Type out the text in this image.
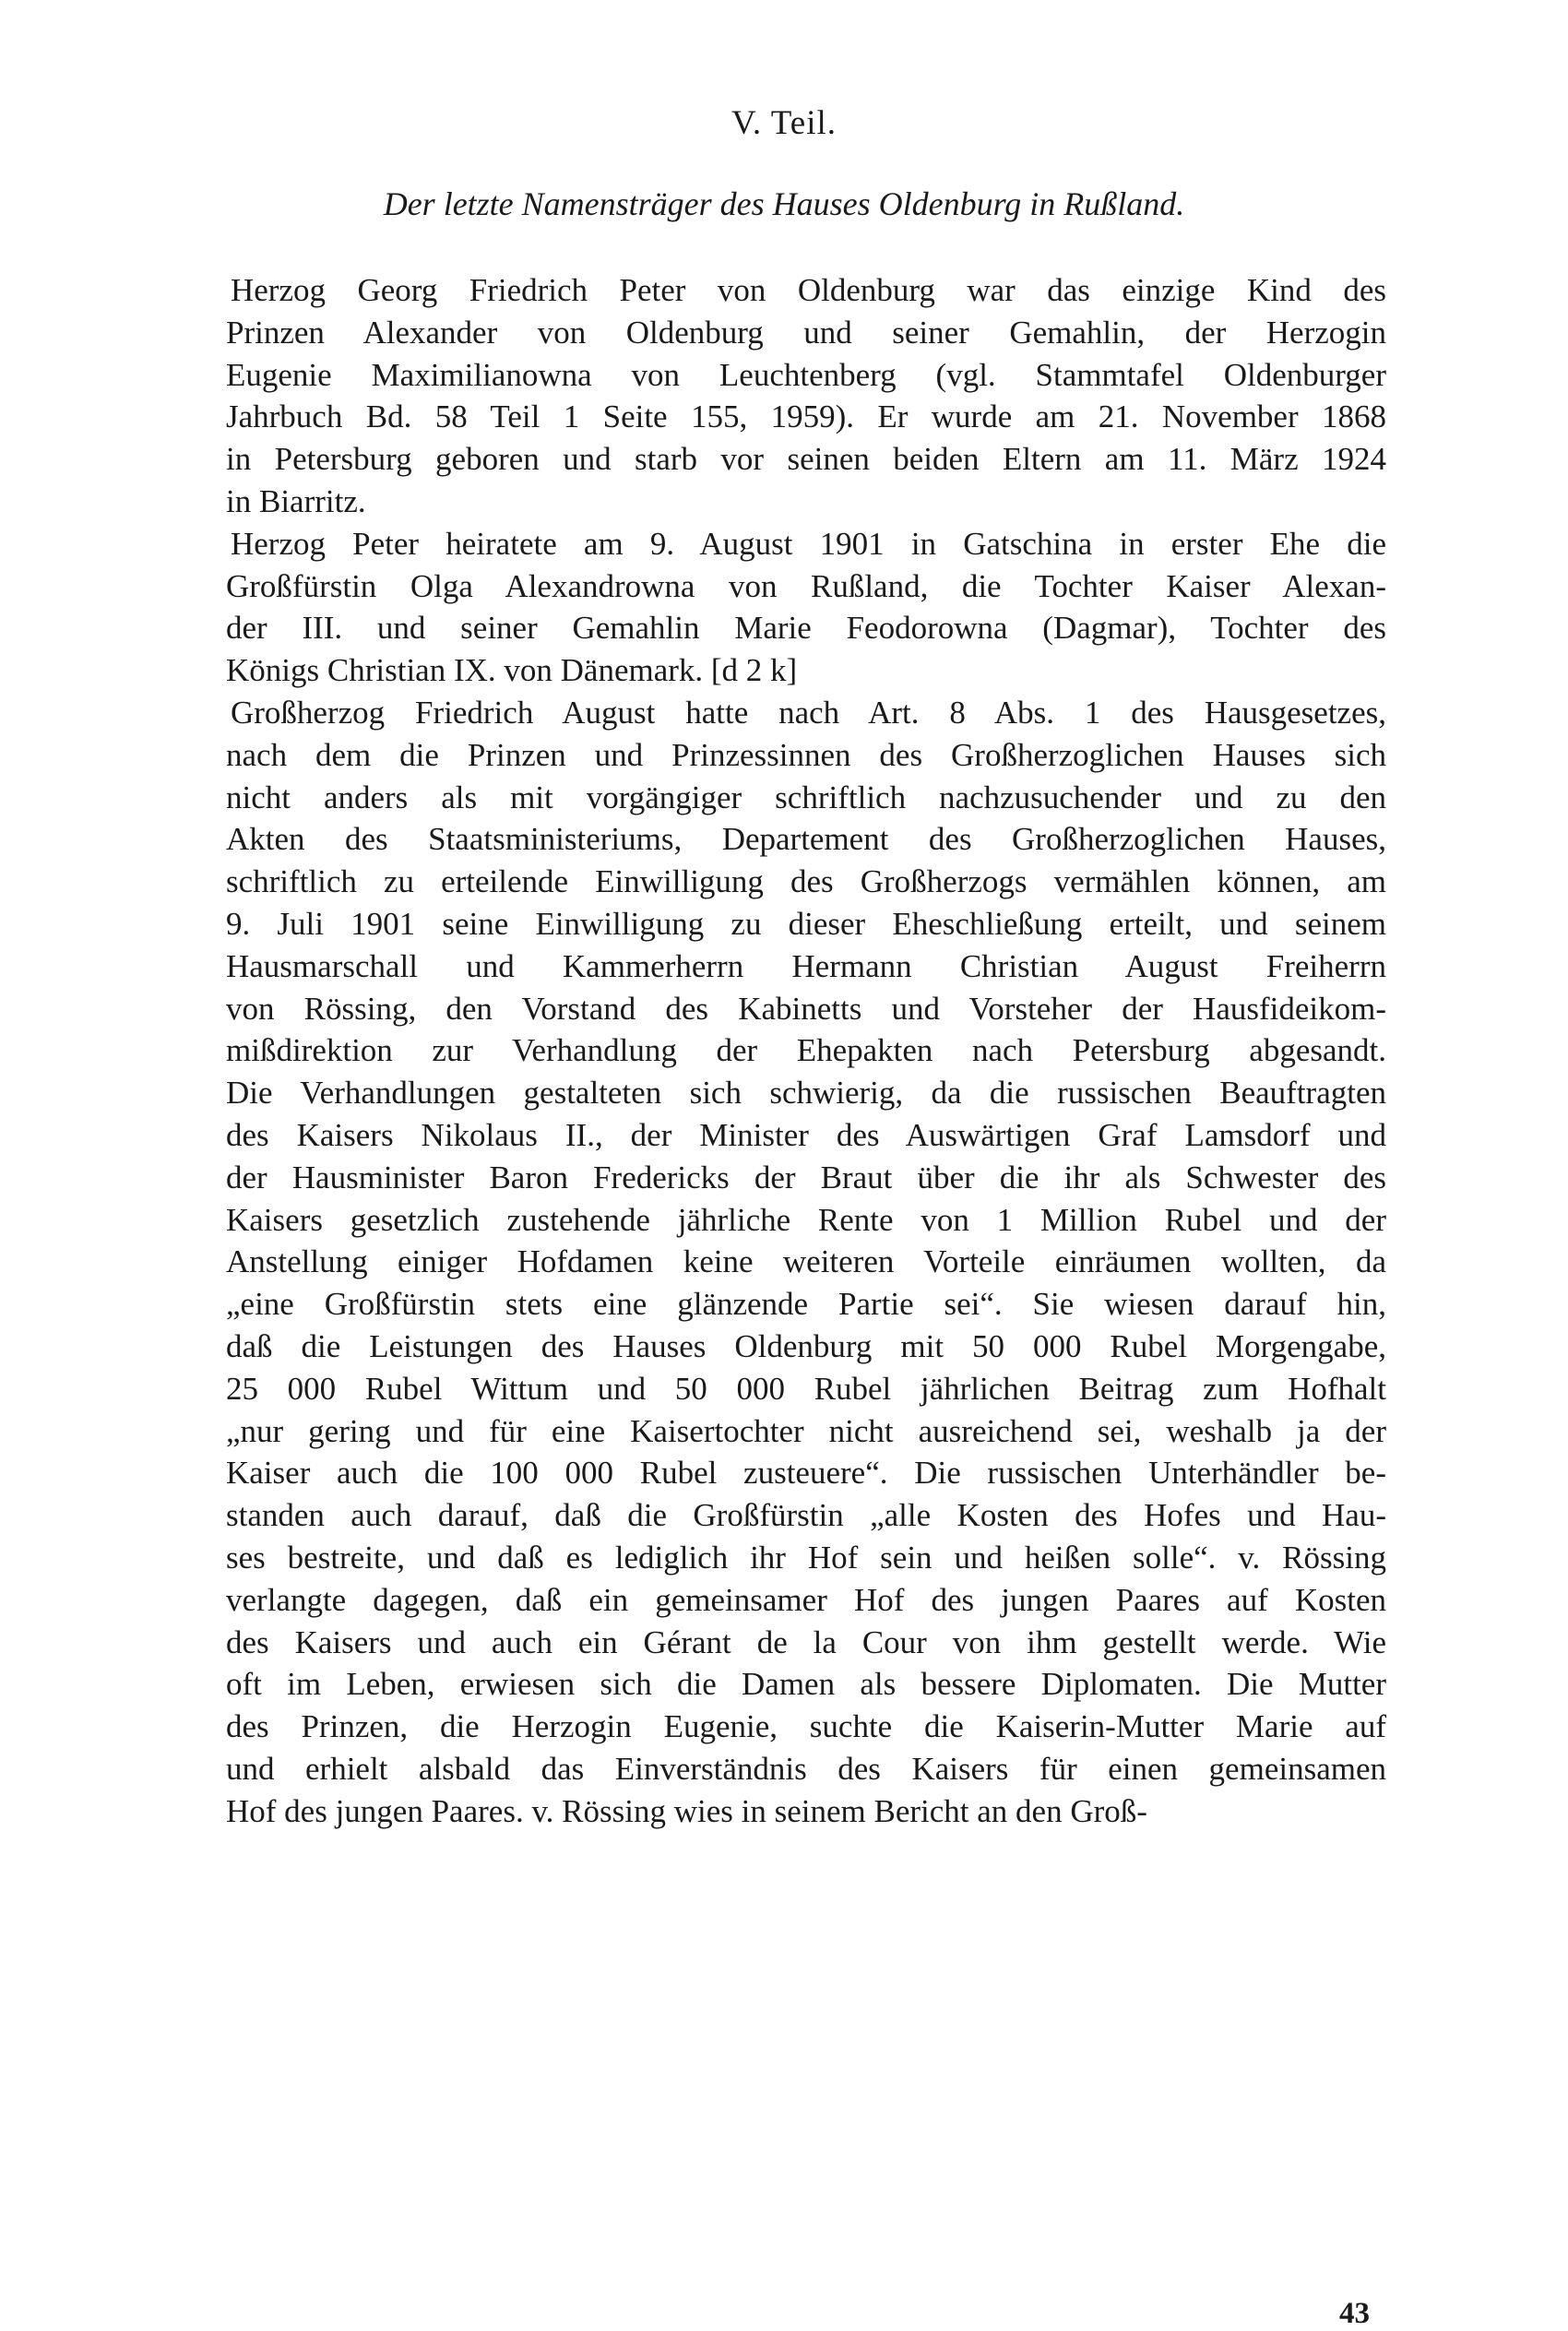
V. Teil.
Der letzte Namensträger des Hauses Oldenburg in Rußland.
Herzog Georg Friedrich Peter von Oldenburg war das einzige Kind des
Prinzen Alexander von Oldenburg und seiner Gemahlin, der Herzogin
Eugenie Maximilianowna von Leuchtenberg (vgl. Stammtafel Oldenburger
Jahrbuch Bd. 58 Teil 1 Seite 155, 1959). Er wurde am 21. November 1868
in Petersburg geboren und starb vor seinen beiden Eltern am 11. März 1924
in Biarritz.
Herzog Peter heiratete am 9. August 1901 in Gatschina in erster Ehe die
Großfürstin Olga Alexandrowna von Rußland, die Tochter Kaiser Alexan-
der III. und seiner Gemahlin Marie Feodorowna (Dagmar), Tochter des
Königs Christian IX. von Dänemark. [d 2 k]
Großherzog Friedrich August hatte nach Art. 8 Abs. 1 des Hausgesetzes,
nach dem die Prinzen und Prinzessinnen des Großherzoglichen Hauses sich
nicht anders als mit vorgängiger schriftlich nachzusuchender und zu den
Akten des Staatsministeriums, Departement des Großherzoglichen Hauses,
schriftlich zu erteilende Einwilligung des Großherzogs vermählen können, am
9. Juli 1901 seine Einwilligung zu dieser Eheschließung erteilt, und seinem
Hausmarschall und Kammerherrn Hermann Christian August Freiherrn
von Rössing, den Vorstand des Kabinetts und Vorsteher der Hausfideikom-
mißdirektion zur Verhandlung der Ehepakten nach Petersburg abgesandt.
Die Verhandlungen gestalteten sich schwierig, da die russischen Beauftragten
des Kaisers Nikolaus II., der Minister des Auswärtigen Graf Lamsdorf und
der Hausminister Baron Fredericks der Braut über die ihr als Schwester des
Kaisers gesetzlich zustehende jährliche Rente von 1 Million Rubel und der
Anstellung einiger Hofdamen keine weiteren Vorteile einräumen wollten, da
„eine Großfürstin stets eine glänzende Partie sei“. Sie wiesen darauf hin,
daß die Leistungen des Hauses Oldenburg mit 50 000 Rubel Morgengabe,
25 000 Rubel Wittum und 50 000 Rubel jährlichen Beitrag zum Hofhalt
„nur gering und für eine Kaisertochter nicht ausreichend sei, weshalb ja der
Kaiser auch die 100 000 Rubel zusteuere“. Die russischen Unterhändler be-
standen auch darauf, daß die Großfürstin „alle Kosten des Hofes und Hau-
ses bestreite, und daß es lediglich ihr Hof sein und heißen solle“. v. Rössing
verlangte dagegen, daß ein gemeinsamer Hof des jungen Paares auf Kosten
des Kaisers und auch ein Gérant de la Cour von ihm gestellt werde. Wie
oft im Leben, erwiesen sich die Damen als bessere Diplomaten. Die Mutter
des Prinzen, die Herzogin Eugenie, suchte die Kaiserin-Mutter Marie auf
und erhielt alsbald das Einverständnis des Kaisers für einen gemeinsamen
Hof des jungen Paares. v. Rössing wies in seinem Bericht an den Groß-
43
